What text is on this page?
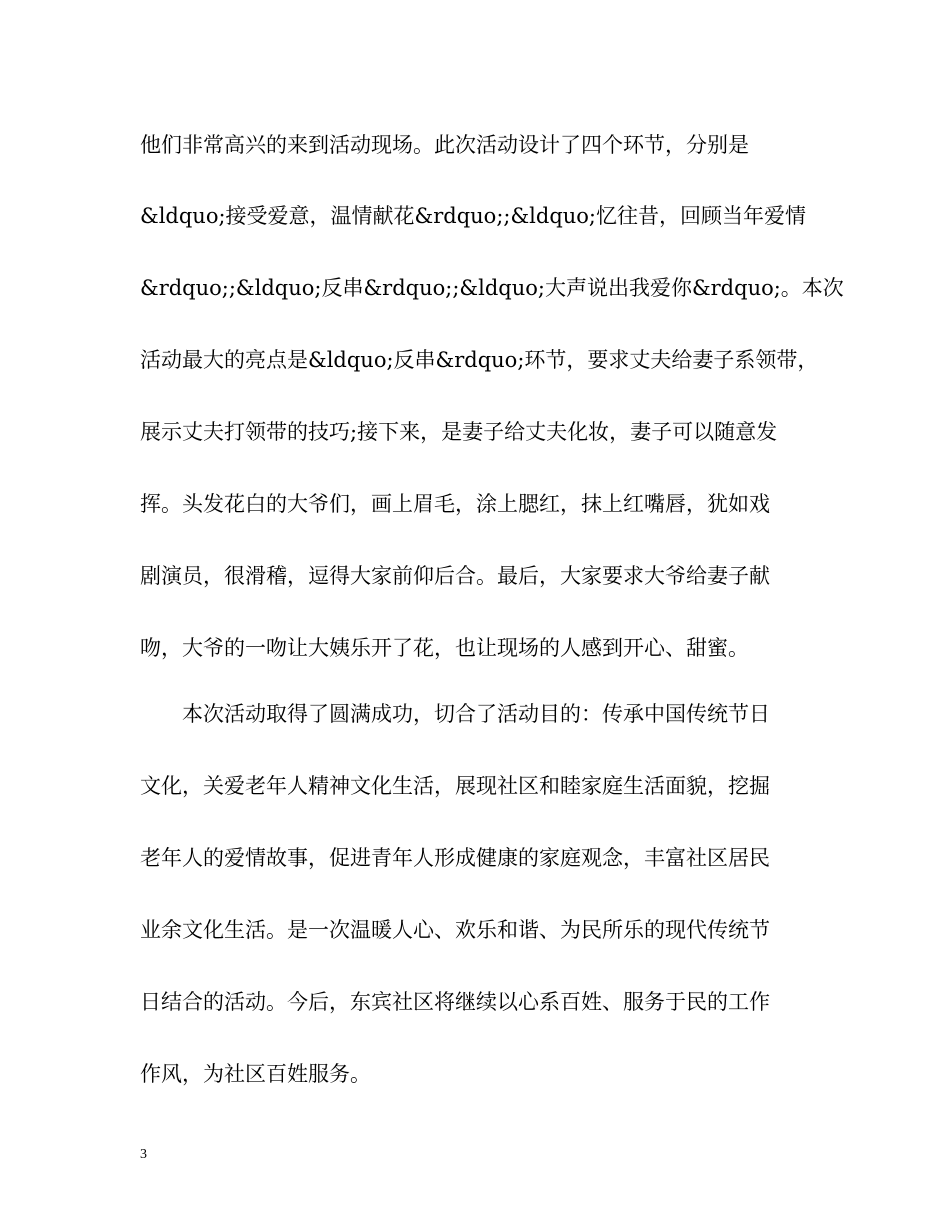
他们非常高兴的来到活动现场。此次活动设计了四个环节，分别是
&ldquo;接受爱意，温情献花&rdquo;;&ldquo;忆往昔，回顾当年爱情
&rdquo;;&ldquo;反串&rdquo;;&ldquo;大声说出我爱你&rdquo;。本次
活动最大的亮点是&ldquo;反串&rdquo;环节，要求丈夫给妻子系领带，
展示丈夫打领带的技巧;接下来，是妻子给丈夫化妆，妻子可以随意发
挥。头发花白的大爷们，画上眉毛，涂上腮红，抹上红嘴唇，犹如戏
剧演员，很滑稽，逗得大家前仰后合。最后，大家要求大爷给妻子献
吻，大爷的一吻让大姨乐开了花，也让现场的人感到开心、甜蜜。
本次活动取得了圆满成功，切合了活动目的：传承中国传统节日
文化，关爱老年人精神文化生活，展现社区和睦家庭生活面貌，挖掘
老年人的爱情故事，促进青年人形成健康的家庭观念，丰富社区居民
业余文化生活。是一次温暖人心、欢乐和谐、为民所乐的现代传统节
日结合的活动。今后，东宾社区将继续以心系百姓、服务于民的工作
作风，为社区百姓服务。
3
